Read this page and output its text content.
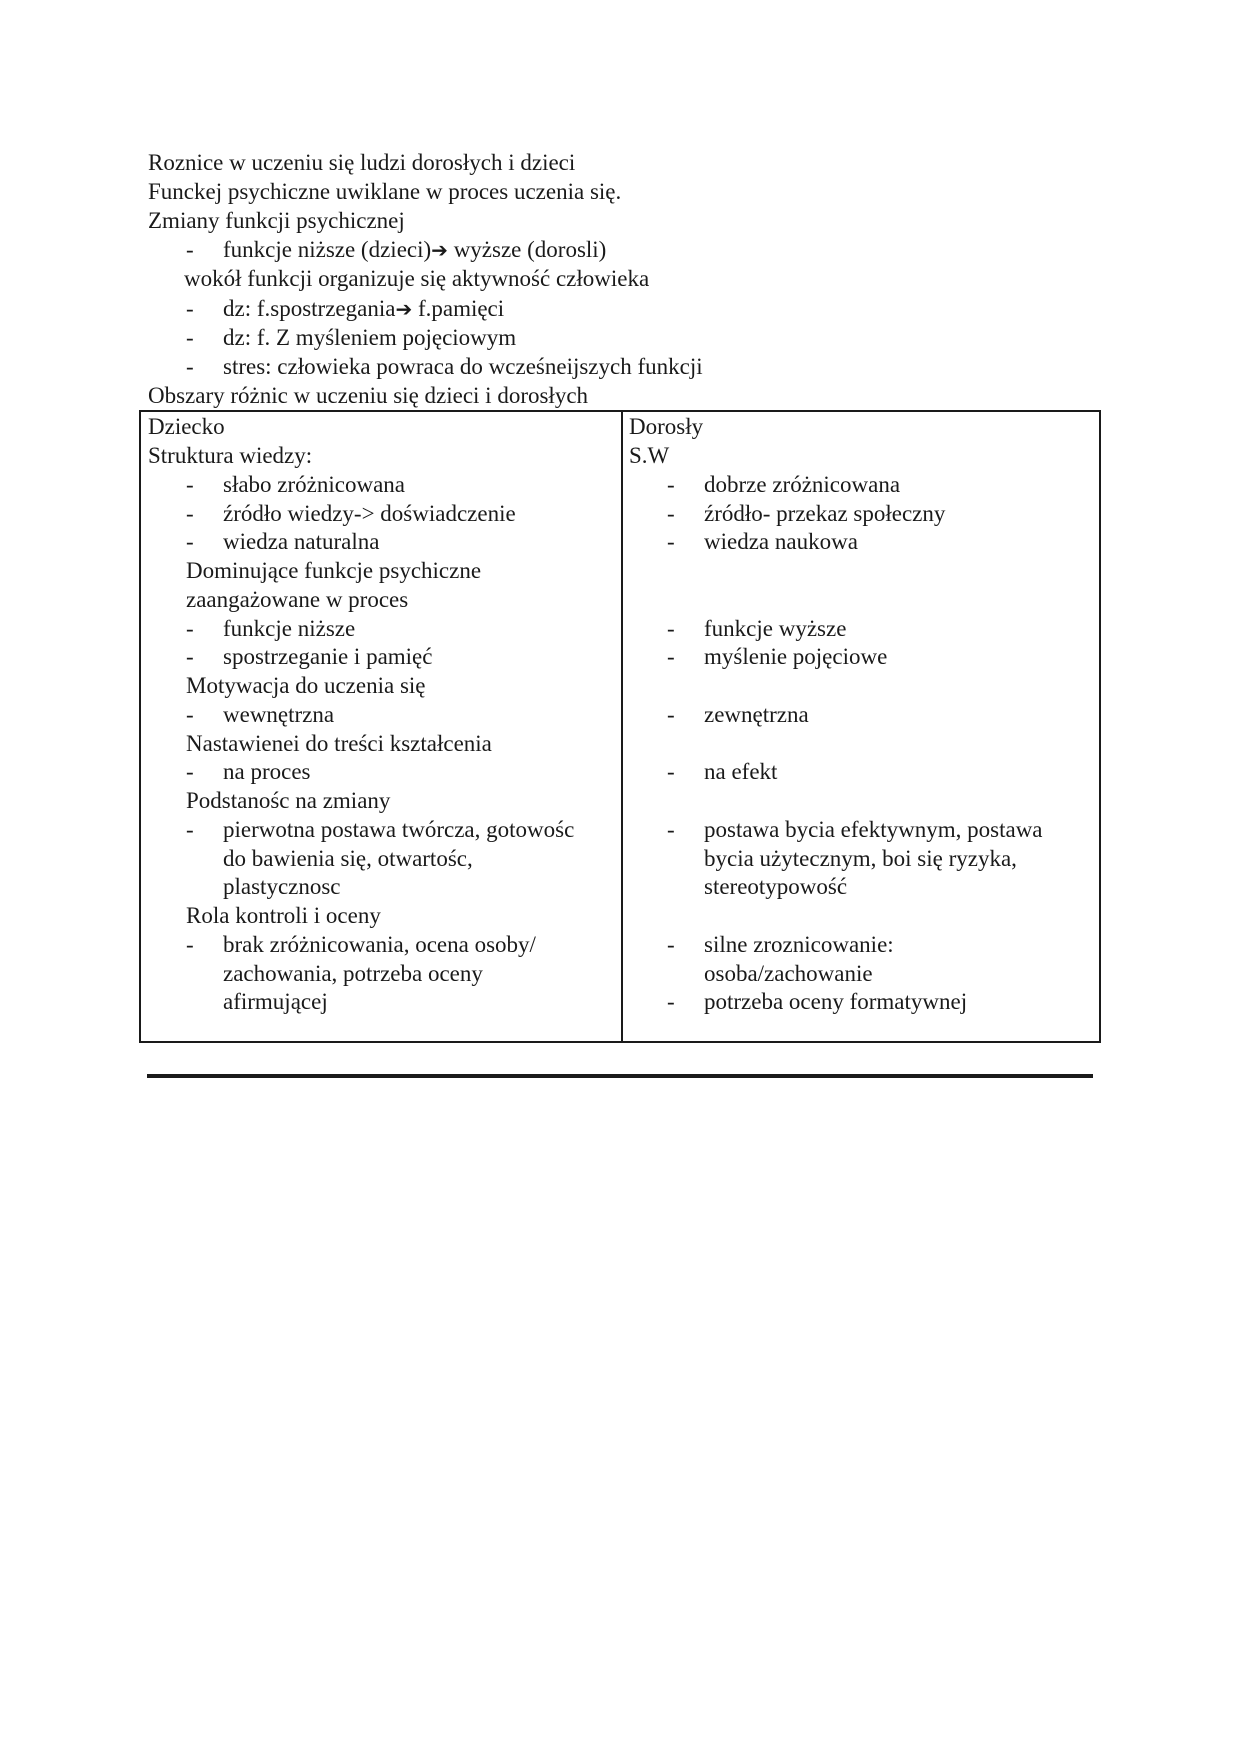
Roznice w uczeniu się ludzi dorosłych i dzieci
Funckej psychiczne uwiklane w proces uczenia się.
Zmiany funkcji psychicznej
- funkcje niższe (dzieci)➔ wyższe (dorosli)
wokół funkcji organizuje się aktywność człowieka
- dz: f.spostrzegania➔ f.pamięci
- dz: f. Z myśleniem pojęciowym
- stres: człowieka powraca do wcześneijszych funkcji
Obszary różnic w uczeniu się dzieci i dorosłych
Dziecko
Struktura wiedzy:
- słabo zróżnicowana
- źródło wiedzy-> doświadczenie
- wiedza naturalna
Dominujące funkcje psychiczne
zaangażowane w proces
- funkcje niższe
- spostrzeganie i pamięć
Motywacja do uczenia się
- wewnętrzna
Nastawienei do treści kształcenia
- na proces
Podstanośc na zmiany
- pierwotna postawa twórcza, gotowośc
do bawienia się, otwartośc,
plastycznosc
Rola kontroli i oceny
- brak zróżnicowania, ocena osoby/
zachowania, potrzeba oceny
afirmującej
Dorosły
S.W
- dobrze zróżnicowana
- źródło- przekaz społeczny
- wiedza naukowa
- funkcje wyższe
- myślenie pojęciowe
- zewnętrzna
- na efekt
- postawa bycia efektywnym, postawa
bycia użytecznym, boi się ryzyka,
stereotypowość
- silne zroznicowanie:
osoba/zachowanie
- potrzeba oceny formatywnej
